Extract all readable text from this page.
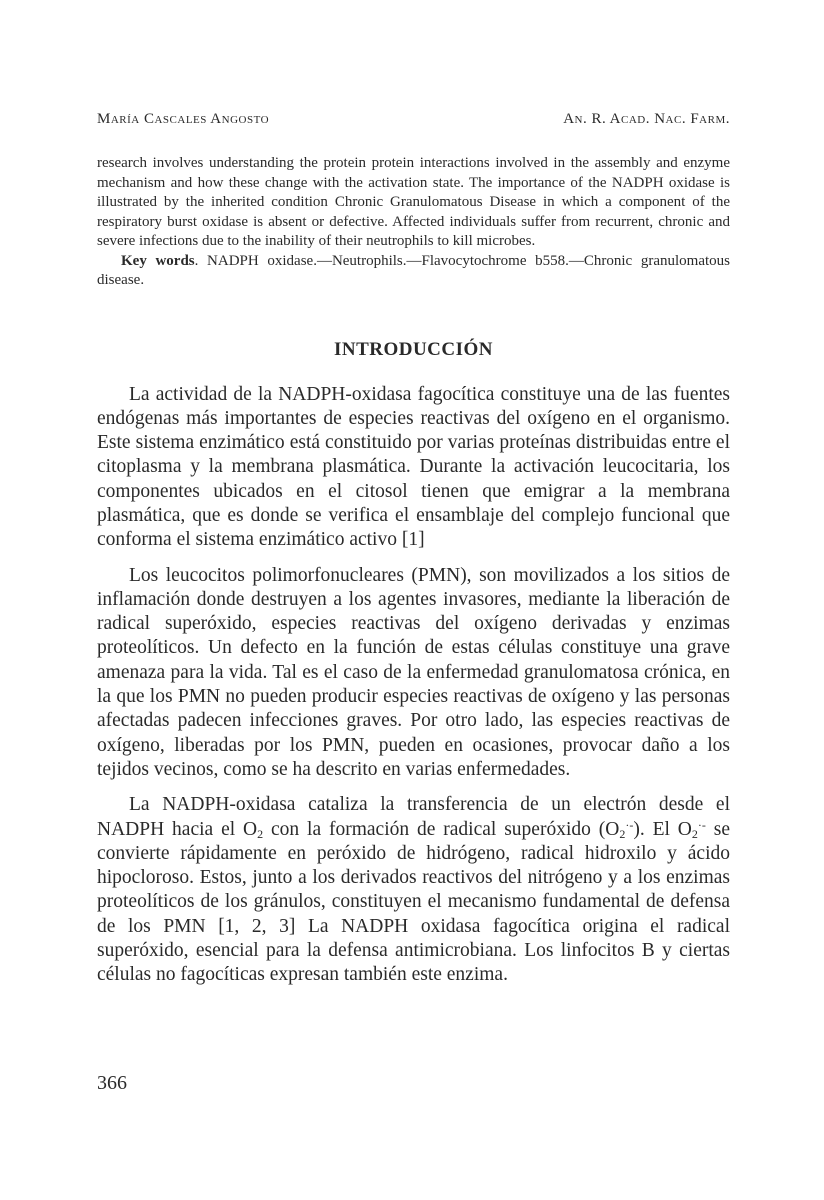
María Cascales Angosto	An. R. Acad. Nac. Farm.

research involves understanding the protein protein interactions involved in the assembly and enzyme mechanism and how these change with the activation state. The importance of the NADPH oxidase is illustrated by the inherited condition Chronic Granulomatous Disease in which a component of the respiratory burst oxidase is absent or defective. Affected individuals suffer from recurrent, chronic and severe infections due to the inability of their neutrophils to kill microbes.

Key words. NADPH oxidase.—Neutrophils.—Flavocytochrome b558.—Chronic granulomatous disease.

INTRODUCCIÓN

La actividad de la NADPH-oxidasa fagocítica constituye una de las fuentes endógenas más importantes de especies reactivas del oxígeno en el organismo. Este sistema enzimático está constituido por varias proteínas distribuidas entre el citoplasma y la membrana plasmática. Durante la activación leucocitaria, los componentes ubicados en el citosol tienen que emigrar a la membrana plasmática, que es donde se verifica el ensamblaje del complejo funcional que conforma el sistema enzimático activo [1]

Los leucocitos polimorfonucleares (PMN), son movilizados a los sitios de inflamación donde destruyen a los agentes invasores, mediante la liberación de radical superóxido, especies reactivas del oxígeno derivadas y enzimas proteolíticos. Un defecto en la función de estas células constituye una grave amenaza para la vida. Tal es el caso de la enfermedad granulomatosa crónica, en la que los PMN no pueden producir especies reactivas de oxígeno y las personas afectadas padecen infecciones graves. Por otro lado, las especies reactivas de oxígeno, liberadas por los PMN, pueden en ocasiones, provocar daño a los tejidos vecinos, como se ha descrito en varias enfermedades.

La NADPH-oxidasa cataliza la transferencia de un electrón desde el NADPH hacia el $O_2$ con la formación de radical superóxido $(O_2^{\cdot-})$. El $O_2^{\cdot-}$ se convierte rápidamente en peróxido de hidrógeno, radical hidroxilo y ácido hipocloroso. Estos, junto a los derivados reactivos del nitrógeno y a los enzimas proteolíticos de los gránulos, constituyen el mecanismo fundamental de defensa de los PMN [1, 2, 3] La NADPH oxidasa fagocítica origina el radical superóxido, esencial para la defensa antimicrobiana. Los linfocitos B y ciertas células no fagocíticas expresan también este enzima.

366
